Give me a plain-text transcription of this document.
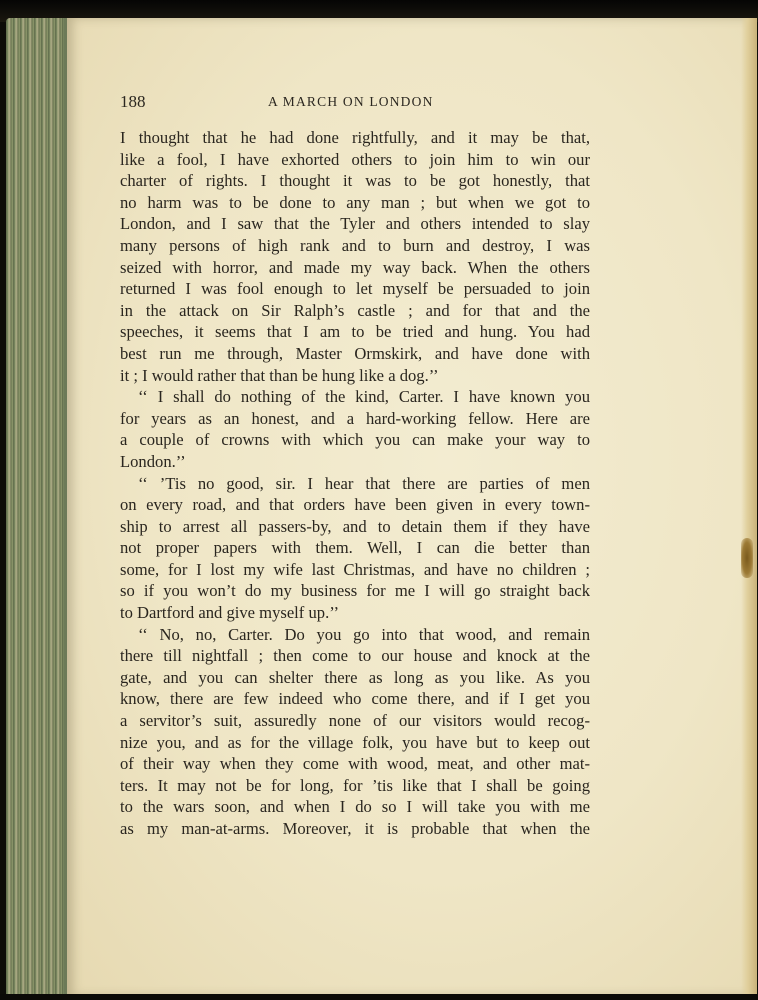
188	A MARCH ON LONDON
I thought that he had done rightfully, and it may be that,
like a fool, I have exhorted others to join him to win our
charter of rights. I thought it was to be got honestly, that
no harm was to be done to any man ; but when we got to
London, and I saw that the Tyler and others intended to slay
many persons of high rank and to burn and destroy, I was
seized with horror, and made my way back. When the others
returned I was fool enough to let myself be persuaded to join
in the attack on Sir Ralph’s castle ; and for that and the
speeches, it seems that I am to be tried and hung. You had
best run me through, Master Ormskirk, and have done with
it ; I would rather that than be hung like a dog.’’
‘‘ I shall do nothing of the kind, Carter. I have known you
for years as an honest, and a hard-working fellow. Here are
a couple of crowns with which you can make your way to
London.’’
‘‘ ’Tis no good, sir. I hear that there are parties of men
on every road, and that orders have been given in every town-
ship to arrest all passers-by, and to detain them if they have
not proper papers with them. Well, I can die better than
some, for I lost my wife last Christmas, and have no children ;
so if you won’t do my business for me I will go straight back
to Dartford and give myself up.’’
‘‘ No, no, Carter. Do you go into that wood, and remain
there till nightfall ; then come to our house and knock at the
gate, and you can shelter there as long as you like. As you
know, there are few indeed who come there, and if I get you
a servitor’s suit, assuredly none of our visitors would recog-
nize you, and as for the village folk, you have but to keep out
of their way when they come with wood, meat, and other mat-
ters. It may not be for long, for ’tis like that I shall be going
to the wars soon, and when I do so I will take you with me
as my man-at-arms. Moreover, it is probable that when the
